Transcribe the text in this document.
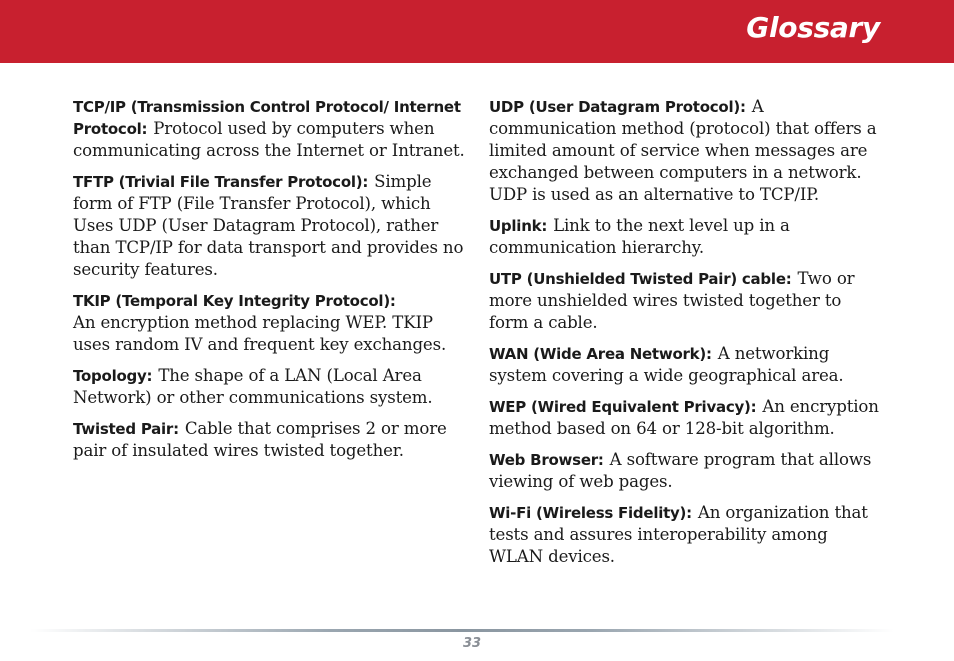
Glossary

TCP/IP (Transmission Control Protocol/ Internet Protocol: Protocol used by computers when communicating across the Internet or Intranet.

TFTP (Trivial File Transfer Protocol): Simple form of FTP (File Transfer Protocol), which Uses UDP (User Datagram Protocol), rather than TCP/IP for data transport and provides no security features.

TKIP (Temporal Key Integrity Protocol):
An encryption method replacing WEP. TKIP uses random IV and frequent key exchanges.

Topology: The shape of a LAN (Local Area Network) or other communications system.

Twisted Pair: Cable that comprises 2 or more pair of insulated wires twisted together.

UDP (User Datagram Protocol): A communication method (protocol) that offers a limited amount of service when messages are exchanged between computers in a network. UDP is used as an alternative to TCP/IP.

Uplink: Link to the next level up in a communication hierarchy.

UTP (Unshielded Twisted Pair) cable: Two or more unshielded wires twisted together to form a cable.

WAN (Wide Area Network): A networking system covering a wide geographical area.

WEP (Wired Equivalent Privacy): An encryption method based on 64 or 128-bit algorithm.

Web Browser: A software program that allows viewing of web pages.

Wi-Fi (Wireless Fidelity): An organization that tests and assures interoperability among WLAN devices.

33
